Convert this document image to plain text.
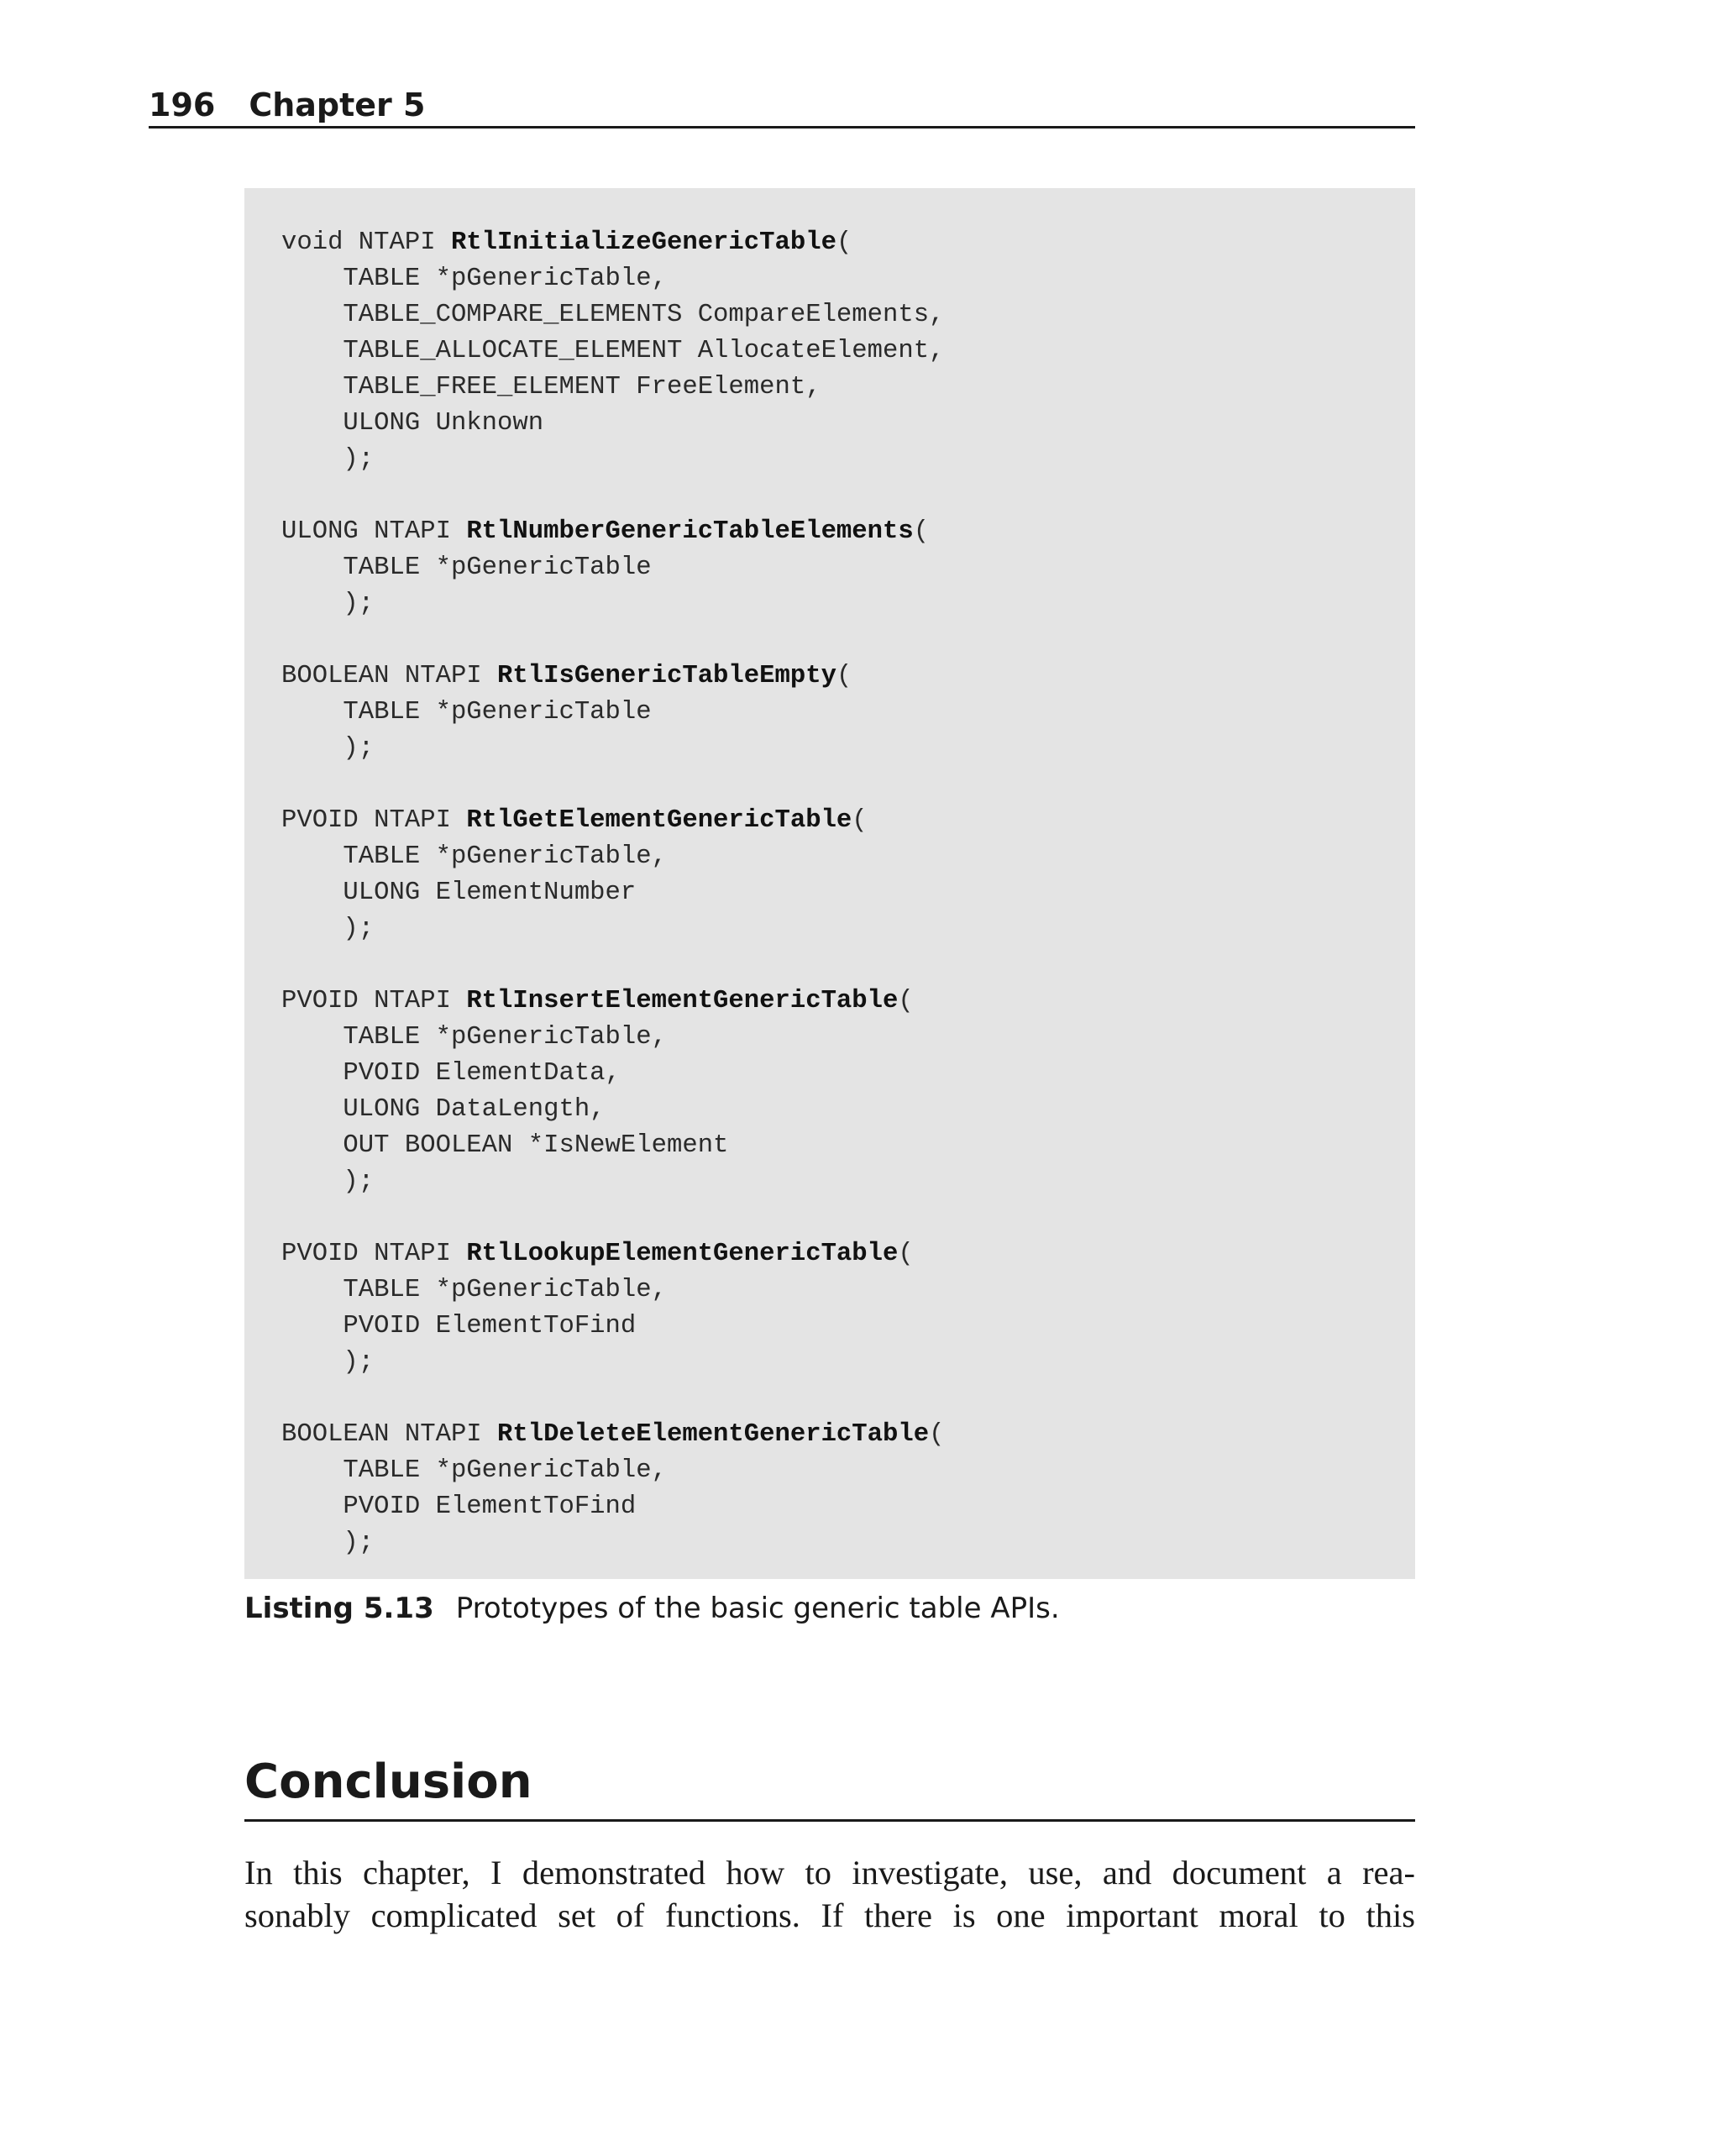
196 Chapter 5
void NTAPI RtlInitializeGenericTable(
TABLE *pGenericTable,
TABLE_COMPARE_ELEMENTS CompareElements,
TABLE_ALLOCATE_ELEMENT AllocateElement,
TABLE_FREE_ELEMENT FreeElement,
ULONG Unknown
);
ULONG NTAPI RtlNumberGenericTableElements(
TABLE *pGenericTable
);
BOOLEAN NTAPI RtlIsGenericTableEmpty(
TABLE *pGenericTable
);
PVOID NTAPI RtlGetElementGenericTable(
TABLE *pGenericTable,
ULONG ElementNumber
);
PVOID NTAPI RtlInsertElementGenericTable(
TABLE *pGenericTable,
PVOID ElementData,
ULONG DataLength,
OUT BOOLEAN *IsNewElement
);
PVOID NTAPI RtlLookupElementGenericTable(
TABLE *pGenericTable,
PVOID ElementToFind
);
BOOLEAN NTAPI RtlDeleteElementGenericTable(
TABLE *pGenericTable,
PVOID ElementToFind
);
Listing 5.13 Prototypes of the basic generic table APIs.
Conclusion
In this chapter, I demonstrated how to investigate, use, and document a rea-
sonably complicated set of functions. If there is one important moral to this
